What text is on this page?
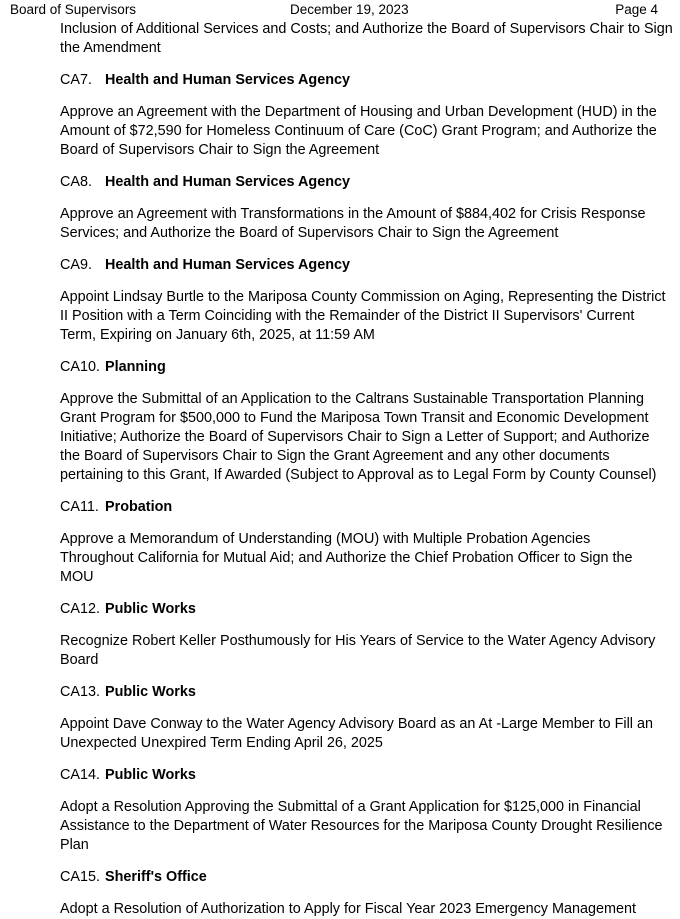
Board of Supervisors	December 19, 2023	Page 4

Inclusion of Additional Services and Costs; and Authorize the Board of Supervisors Chair to Sign
the Amendment

CA7. Health and Human Services Agency

Approve an Agreement with the Department of Housing and Urban Development (HUD) in the
Amount of $72,590 for Homeless Continuum of Care (CoC) Grant Program; and Authorize the
Board of Supervisors Chair to Sign the Agreement

CA8. Health and Human Services Agency

Approve an Agreement with Transformations in the Amount of $884,402 for Crisis Response
Services; and Authorize the Board of Supervisors Chair to Sign the Agreement

CA9. Health and Human Services Agency

Appoint Lindsay Burtle to the Mariposa County Commission on Aging, Representing the District
II Position with a Term Coinciding with the Remainder of the District II Supervisors' Current
Term, Expiring on January 6th, 2025, at 11:59 AM

CA10. Planning

Approve the Submittal of an Application to the Caltrans Sustainable Transportation Planning
Grant Program for $500,000 to Fund the Mariposa Town Transit and Economic Development
Initiative; Authorize the Board of Supervisors Chair to Sign a Letter of Support; and Authorize
the Board of Supervisors Chair to Sign the Grant Agreement and any other documents
pertaining to this Grant, If Awarded (Subject to Approval as to Legal Form by County Counsel)

CA11. Probation

Approve a Memorandum of Understanding (MOU) with Multiple Probation Agencies
Throughout California for Mutual Aid; and Authorize the Chief Probation Officer to Sign the
MOU

CA12. Public Works

Recognize Robert Keller Posthumously for His Years of Service to the Water Agency Advisory
Board

CA13. Public Works

Appoint Dave Conway to the Water Agency Advisory Board as an At -Large Member to Fill an
Unexpected Unexpired Term Ending April 26, 2025

CA14. Public Works

Adopt a Resolution Approving the Submittal of a Grant Application for $125,000 in Financial
Assistance to the Department of Water Resources for the Mariposa County Drought Resilience
Plan

CA15. Sheriff's Office

Adopt a Resolution of Authorization to Apply for Fiscal Year 2023 Emergency Management
